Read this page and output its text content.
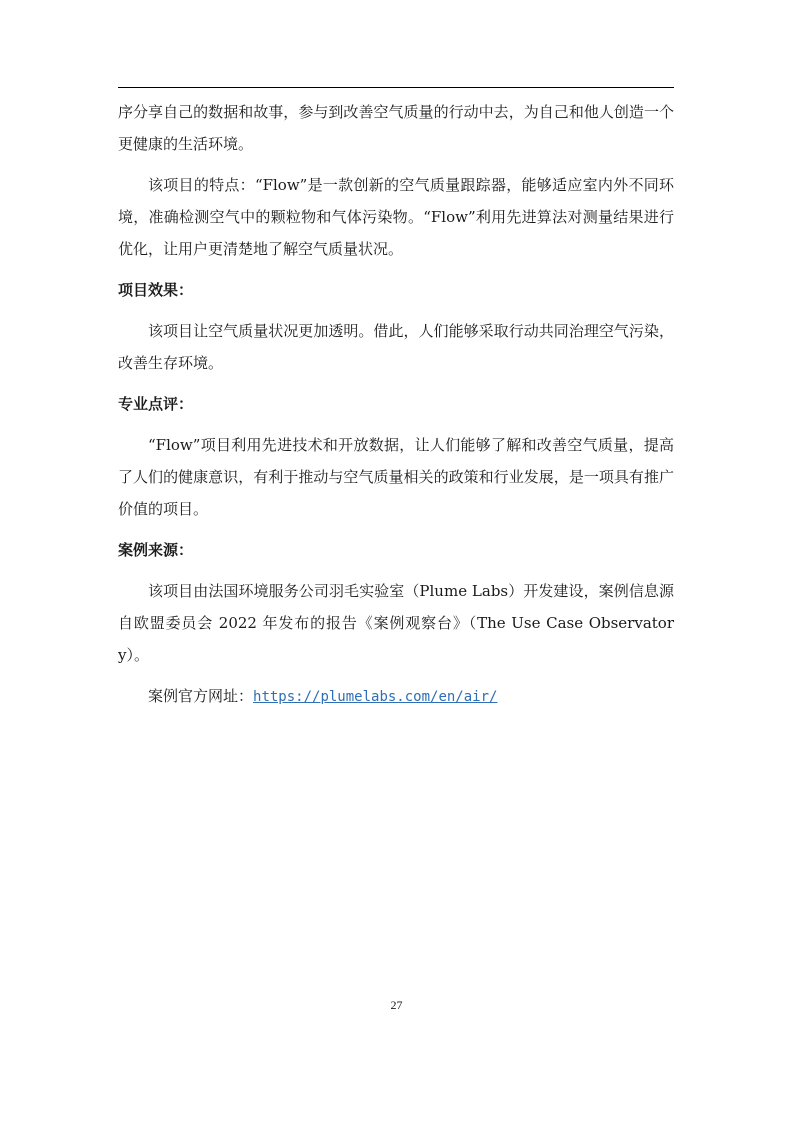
序分享自己的数据和故事，参与到改善空气质量的行动中去，为自己和他人创造一个更健康的生活环境。

该项目的特点：“Flow”是一款创新的空气质量跟踪器，能够适应室内外不同环境，准确检测空气中的颗粒物和气体污染物。“Flow”利用先进算法对测量结果进行优化，让用户更清楚地了解空气质量状况。

项目效果：

该项目让空气质量状况更加透明。借此，人们能够采取行动共同治理空气污染，改善生存环境。

专业点评：

“Flow”项目利用先进技术和开放数据，让人们能够了解和改善空气质量，提高了人们的健康意识，有利于推动与空气质量相关的政策和行业发展，是一项具有推广价值的项目。

案例来源：

该项目由法国环境服务公司羽毛实验室（Plume Labs）开发建设，案例信息源自欧盟委员会 2022 年发布的报告《案例观察台》（The Use Case Observatory）。

案例官方网址：https://plumelabs.com/en/air/

27
